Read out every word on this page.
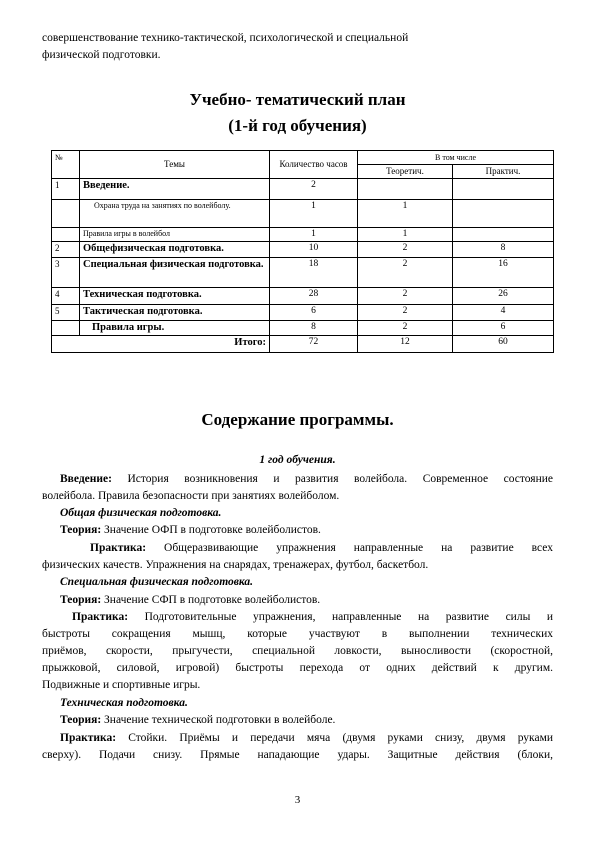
совершенствование технико-тактической, психологической и специальной

физической подготовки.

Учебно- тематический план
(1-й год обучения)
№	Темы	Количество часов	В том числе	
			Теоретич.	Практич.
1	Введение.	2		
	Охрана труда на занятиях по волейболу.	1	1	
	Правила игры в волейбол	1	1	
2	Общефизическая подготовка.	10	2	8
3	Специальная физическая подготовка.	18	2	16
4	Техническая подготовка.	28	2	26
5	Тактическая подготовка.	6	2	4
	Правила игры.	8	2	6
Итого:		72	12	60
Содержание программы.
1 год обучения.

Введение: История возникновения и развития волейбола. Современное состояние

волейбола. Правила безопасности при занятиях волейболом.

Общая физическая подготовка.

Теория: Значение ОФП в подготовке волейболистов.

Практика: Общеразвивающие упражнения направленные на развитие всех

физических качеств. Упражнения на снарядах, тренажерах, футбол, баскетбол.

Специальная физическая подготовка.

Теория: Значение СФП в подготовке волейболистов.

Практика: Подготовительные упражнения, направленные на развитие силы и

быстроты сокращения мышц, которые участвуют в выполнении технических

приёмов, скорости, прыгучести, специальной ловкости, выносливости (скоростной,

прыжковой, силовой, игровой) быстроты перехода от одних действий к другим.

Подвижные и спортивные игры.

Техническая подготовка.

Теория: Значение технической подготовки в волейболе.

Практика: Стойки. Приёмы и передачи мяча (двумя руками снизу, двумя руками

сверху). Подачи снизу. Прямые нападающие удары. Защитные действия (блоки,

3
